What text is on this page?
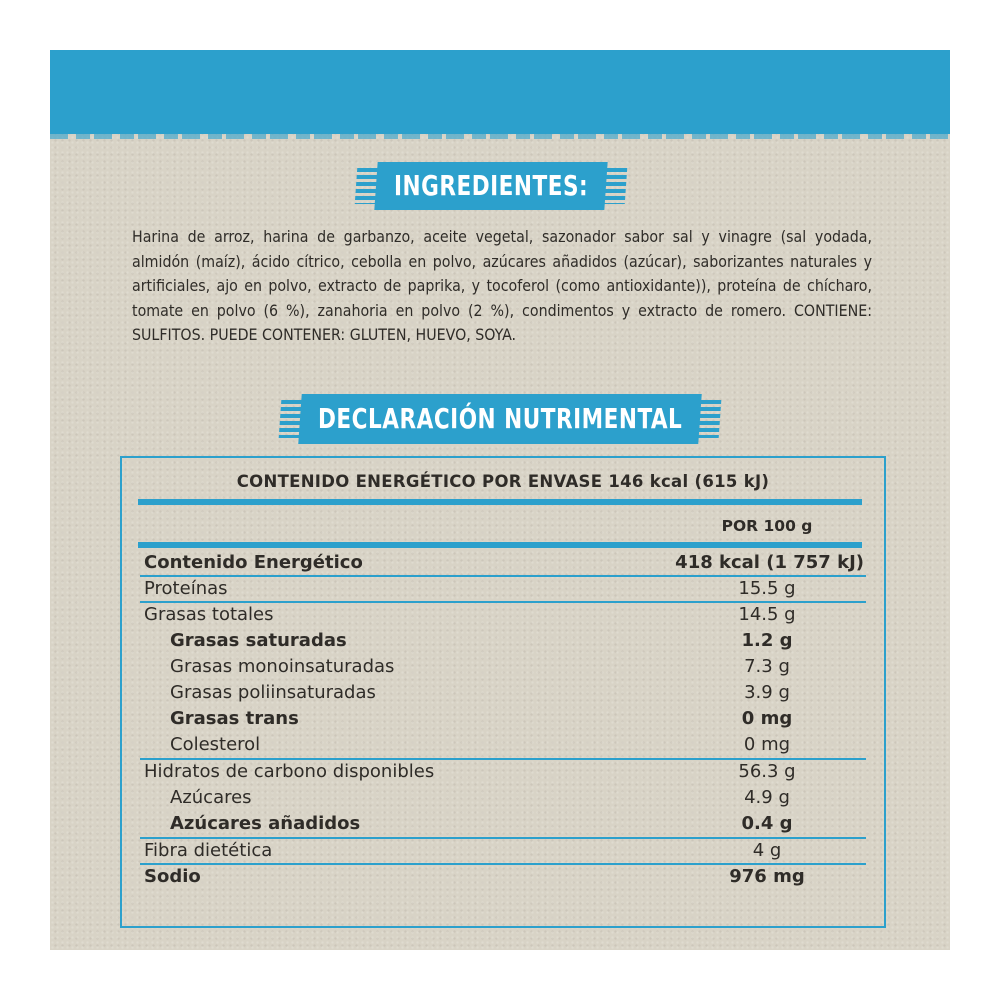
INGREDIENTES:
Harina de arroz, harina de garbanzo, aceite vegetal, sazonador sabor sal y vinagre (sal yodada, almidón (maíz), ácido cítrico, cebolla en polvo, azúcares añadidos (azúcar), saborizantes naturales y artificiales, ajo en polvo, extracto de paprika, y tocoferol (como antioxidante)), proteína de chícharo, tomate en polvo (6 %), zanahoria en polvo (2 %), condimentos y extracto de romero. CONTIENE: SULFITOS. PUEDE CONTENER: GLUTEN, HUEVO, SOYA.
DECLARACIÓN NUTRIMENTAL
CONTENIDO ENERGÉTICO POR ENVASE 146 kcal (615 kJ)
POR 100 g
Contenido Energético	418 kcal (1 757 kJ)
Proteínas	15.5 g
Grasas totales	14.5 g
Grasas saturadas	1.2 g
Grasas monoinsaturadas	7.3 g
Grasas poliinsaturadas	3.9 g
Grasas trans	0 mg
Colesterol	0 mg
Hidratos de carbono disponibles	56.3 g
Azúcares	4.9 g
Azúcares añadidos	0.4 g
Fibra dietética	4 g
Sodio	976 mg
